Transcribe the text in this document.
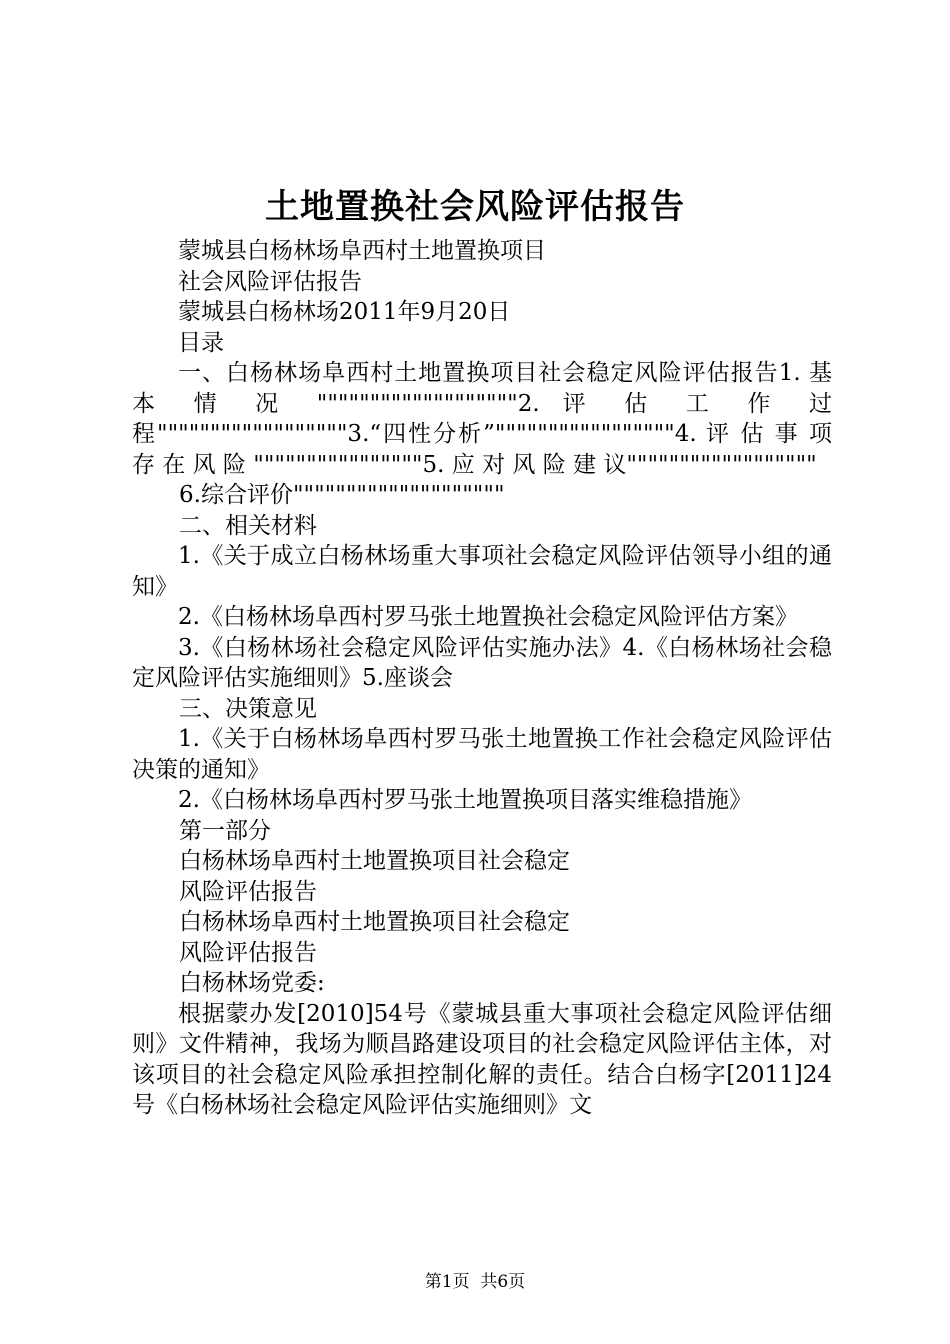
土地置换社会风险评估报告

蒙城县白杨林场阜西村土地置换项目

社会风险评估报告

蒙城县白杨林场2011年9月20日

目录

一、白杨林场阜西村土地置换项目社会稳定风险评估报告1. 基 本 情 况 """""""""""""""""""2. 评 估 工 作 过 程""""""""""""""""""3.“四性分析”"""""""""""""""""4. 评 估 事 项 存 在 风 险 """"""""""""""""5. 应 对 风 险 建 议""""""""""""""""""

6.综合评价""""""""""""""""""""

二、相关材料

1.《关于成立白杨林场重大事项社会稳定风险评估领导小组的通知》

2.《白杨林场阜西村罗马张土地置换社会稳定风险评估方案》

3.《白杨林场社会稳定风险评估实施办法》4.《白杨林场社会稳定风险评估实施细则》5.座谈会

三、决策意见

1.《关于白杨林场阜西村罗马张土地置换工作社会稳定风险评估决策的通知》

2.《白杨林场阜西村罗马张土地置换项目落实维稳措施》

第一部分

白杨林场阜西村土地置换项目社会稳定

风险评估报告

白杨林场阜西村土地置换项目社会稳定

风险评估报告

白杨林场党委:

根据蒙办发[2010]54号《蒙城县重大事项社会稳定风险评估细则》文件精神，我场为顺昌路建设项目的社会稳定风险评估主体，对该项目的社会稳定风险承担控制化解的责任。结合白杨字[2011]24号《白杨林场社会稳定风险评估实施细则》文

第1页  共6页
